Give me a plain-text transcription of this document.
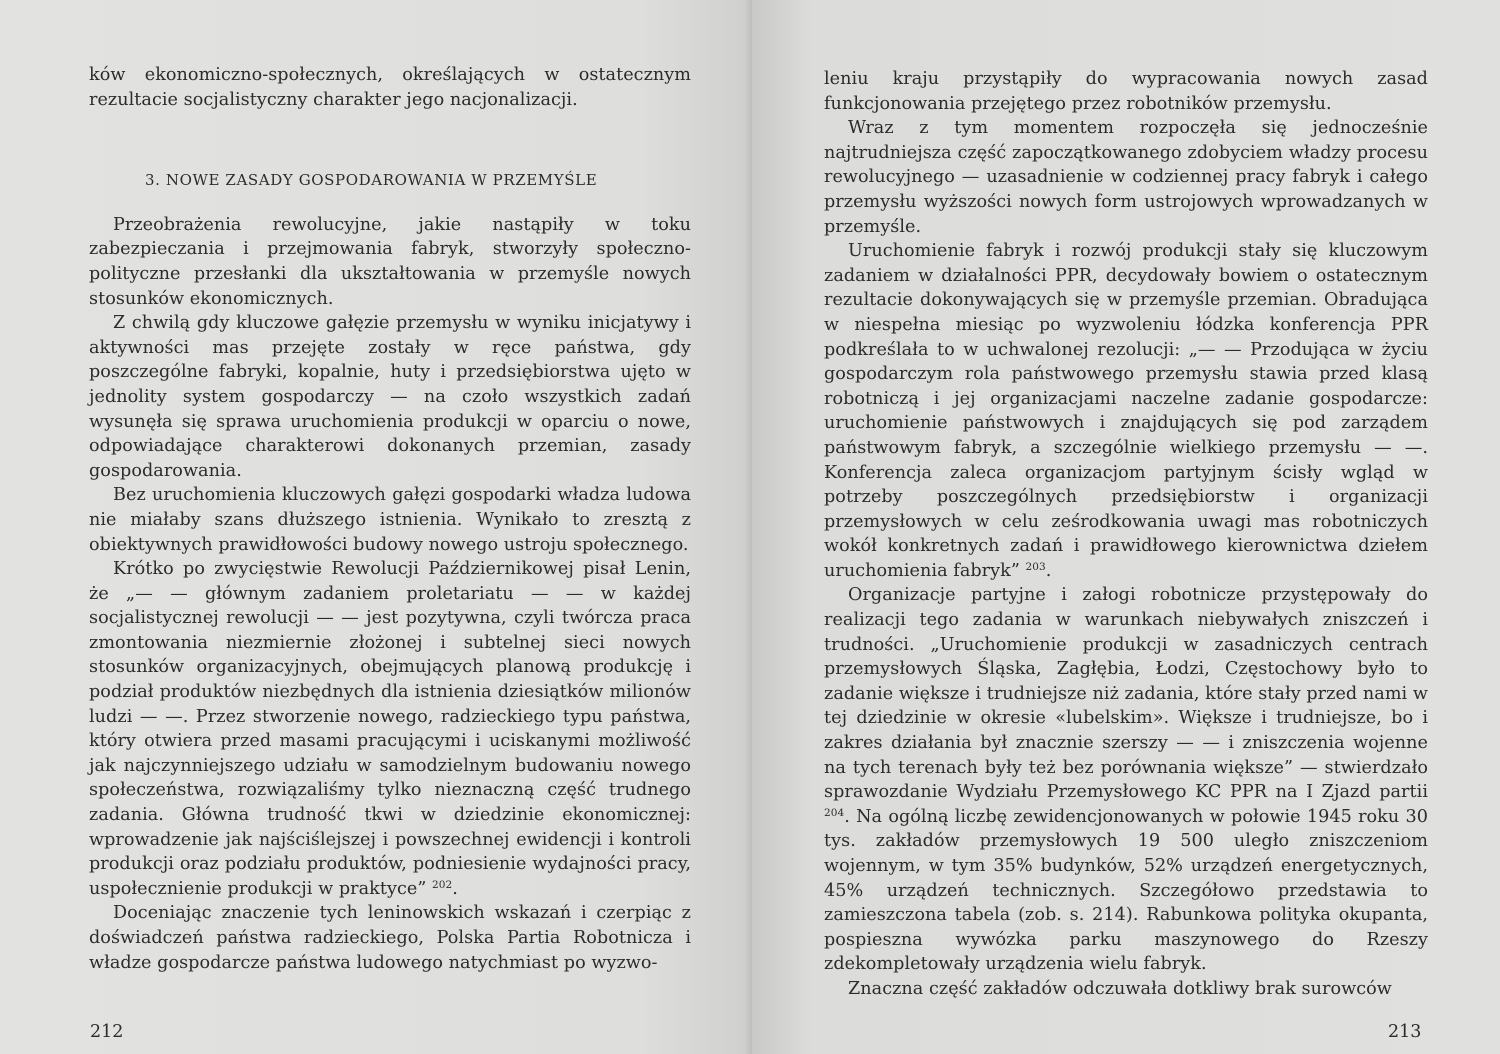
ków ekonomiczno-społecznych, określających w ostatecznym rezultacie socjalistyczny charakter jego nacjonalizacji.

3. NOWE ZASADY GOSPODAROWANIA W PRZEMYŚLE

Przeobrażenia rewolucyjne, jakie nastąpiły w toku zabezpieczania i przejmowania fabryk, stworzyły społeczno-polityczne przesłanki dla ukształtowania w przemyśle nowych stosunków ekonomicznych.

Z chwilą gdy kluczowe gałęzie przemysłu w wyniku inicjatywy i aktywności mas przejęte zostały w ręce państwa, gdy poszczególne fabryki, kopalnie, huty i przedsiębiorstwa ujęto w jednolity system gospodarczy — na czoło wszystkich zadań wysunęła się sprawa uruchomienia produkcji w oparciu o nowe, odpowiadające charakterowi dokonanych przemian, zasady gospodarowania.

Bez uruchomienia kluczowych gałęzi gospodarki władza ludowa nie miałaby szans dłuższego istnienia. Wynikało to zresztą z obiektywnych prawidłowości budowy nowego ustroju społecznego.

Krótko po zwycięstwie Rewolucji Październikowej pisał Lenin, że „— — głównym zadaniem proletariatu — — w każdej socjalistycznej rewolucji — — jest pozytywna, czyli twórcza praca zmontowania niezmiernie złożonej i subtelnej sieci nowych stosunków organizacyjnych, obejmujących planową produkcję i podział produktów niezbędnych dla istnienia dziesiątków milionów ludzi — —. Przez stworzenie nowego, radzieckiego typu państwa, który otwiera przed masami pracującymi i uciskanymi możliwość jak najczynniejszego udziału w samodzielnym budowaniu nowego społeczeństwa, rozwiązaliśmy tylko nieznaczną część trudnego zadania. Główna trudność tkwi w dziedzinie ekonomicznej: wprowadzenie jak najściślejszej i powszechnej ewidencji i kontroli produkcji oraz podziału produktów, podniesienie wydajności pracy, uspołecznienie produkcji w praktyce” $^{202}$.

Doceniając znaczenie tych leninowskich wskazań i czerpiąc z doświadczeń państwa radzieckiego, Polska Partia Robotnicza i władze gospodarcze państwa ludowego natychmiast po wyzwo-

212

leniu kraju przystąpiły do wypracowania nowych zasad funkcjonowania przejętego przez robotników przemysłu.

Wraz z tym momentem rozpoczęła się jednocześnie najtrudniejsza część zapoczątkowanego zdobyciem władzy procesu rewolucyjnego — uzasadnienie w codziennej pracy fabryk i całego przemysłu wyższości nowych form ustrojowych wprowadzanych w przemyśle.

Uruchomienie fabryk i rozwój produkcji stały się kluczowym zadaniem w działalności PPR, decydowały bowiem o ostatecznym rezultacie dokonywających się w przemyśle przemian. Obradująca w niespełna miesiąc po wyzwoleniu łódzka konferencja PPR podkreślała to w uchwalonej rezolucji: „— — Przodująca w życiu gospodarczym rola państwowego przemysłu stawia przed klasą robotniczą i jej organizacjami naczelne zadanie gospodarcze: uruchomienie państwowych i znajdujących się pod zarządem państwowym fabryk, a szczególnie wielkiego przemysłu — —. Konferencja zaleca organizacjom partyjnym ścisły wgląd w potrzeby poszczególnych przedsiębiorstw i organizacji przemysłowych w celu ześrodkowania uwagi mas robotniczych wokół konkretnych zadań i prawidłowego kierownictwa dziełem uruchomienia fabryk” $^{203}$.

Organizacje partyjne i załogi robotnicze przystępowały do realizacji tego zadania w warunkach niebywałych zniszczeń i trudności. „Uruchomienie produkcji w zasadniczych centrach przemysłowych Śląska, Zagłębia, Łodzi, Częstochowy było to zadanie większe i trudniejsze niż zadania, które stały przed nami w tej dziedzinie w okresie «lubelskim». Większe i trudniejsze, bo i zakres działania był znacznie szerszy — — i zniszczenia wojenne na tych terenach były też bez porównania większe” — stwierdzało sprawozdanie Wydziału Przemysłowego KC PPR na I Zjazd partii $^{204}$. Na ogólną liczbę zewidencjonowanych w połowie 1945 roku 30 tys. zakładów przemysłowych 19 500 uległo zniszczeniom wojennym, w tym 35% budynków, 52% urządzeń energetycznych, 45% urządzeń technicznych. Szczegółowo przedstawia to zamieszczona tabela (zob. s. 214). Rabunkowa polityka okupanta, pospieszna wywózka parku maszynowego do Rzeszy zdekompletowały urządzenia wielu fabryk.

Znaczna część zakładów odczuwała dotkliwy brak surowców

213
